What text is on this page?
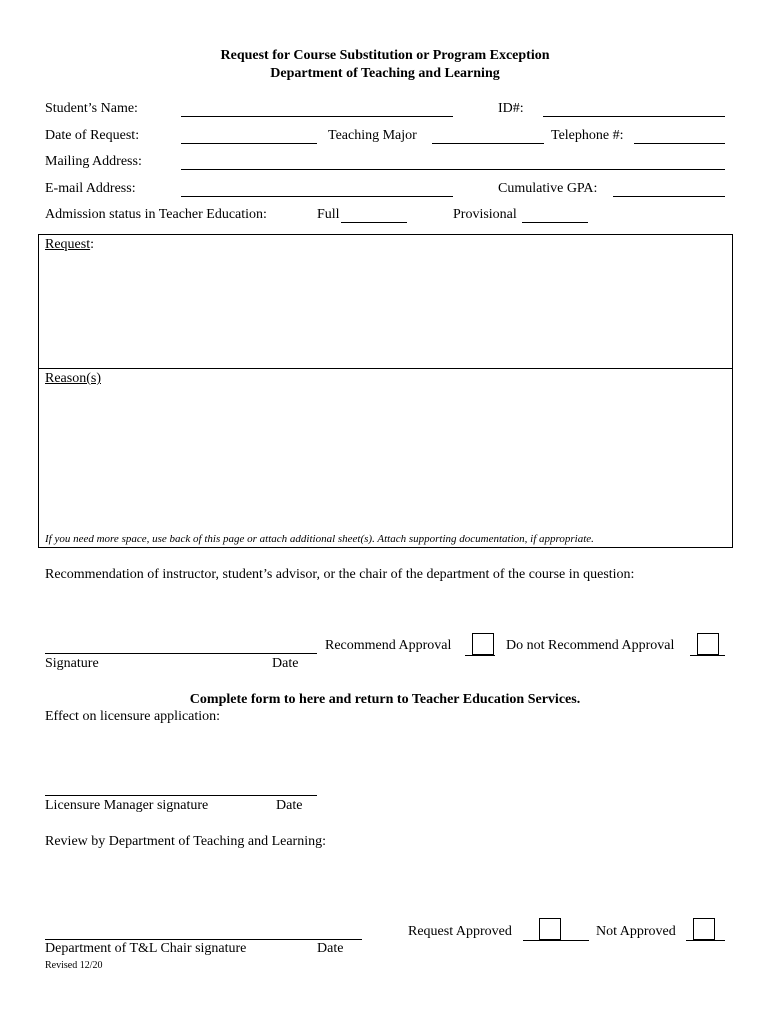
Request for Course Substitution or Program Exception
Department of Teaching and Learning
Student’s Name:	ID#:
Date of Request:	Teaching Major	Telephone #:
Mailing Address:
E-mail Address:	Cumulative GPA:
Admission status in Teacher Education:	Full	Provisional
Request:
Reason(s)
If you need more space, use back of this page or attach additional sheet(s). Attach supporting documentation, if appropriate.
Recommendation of instructor, student’s advisor, or the chair of the department of the course in question:
Recommend Approval	Do not Recommend Approval
Signature	Date
Complete form to here and return to Teacher Education Services.
Effect on licensure application:
Licensure Manager signature	Date
Review by Department of Teaching and Learning:
Request Approved	Not Approved
Department of T&L Chair signature	Date
Revised 12/20
